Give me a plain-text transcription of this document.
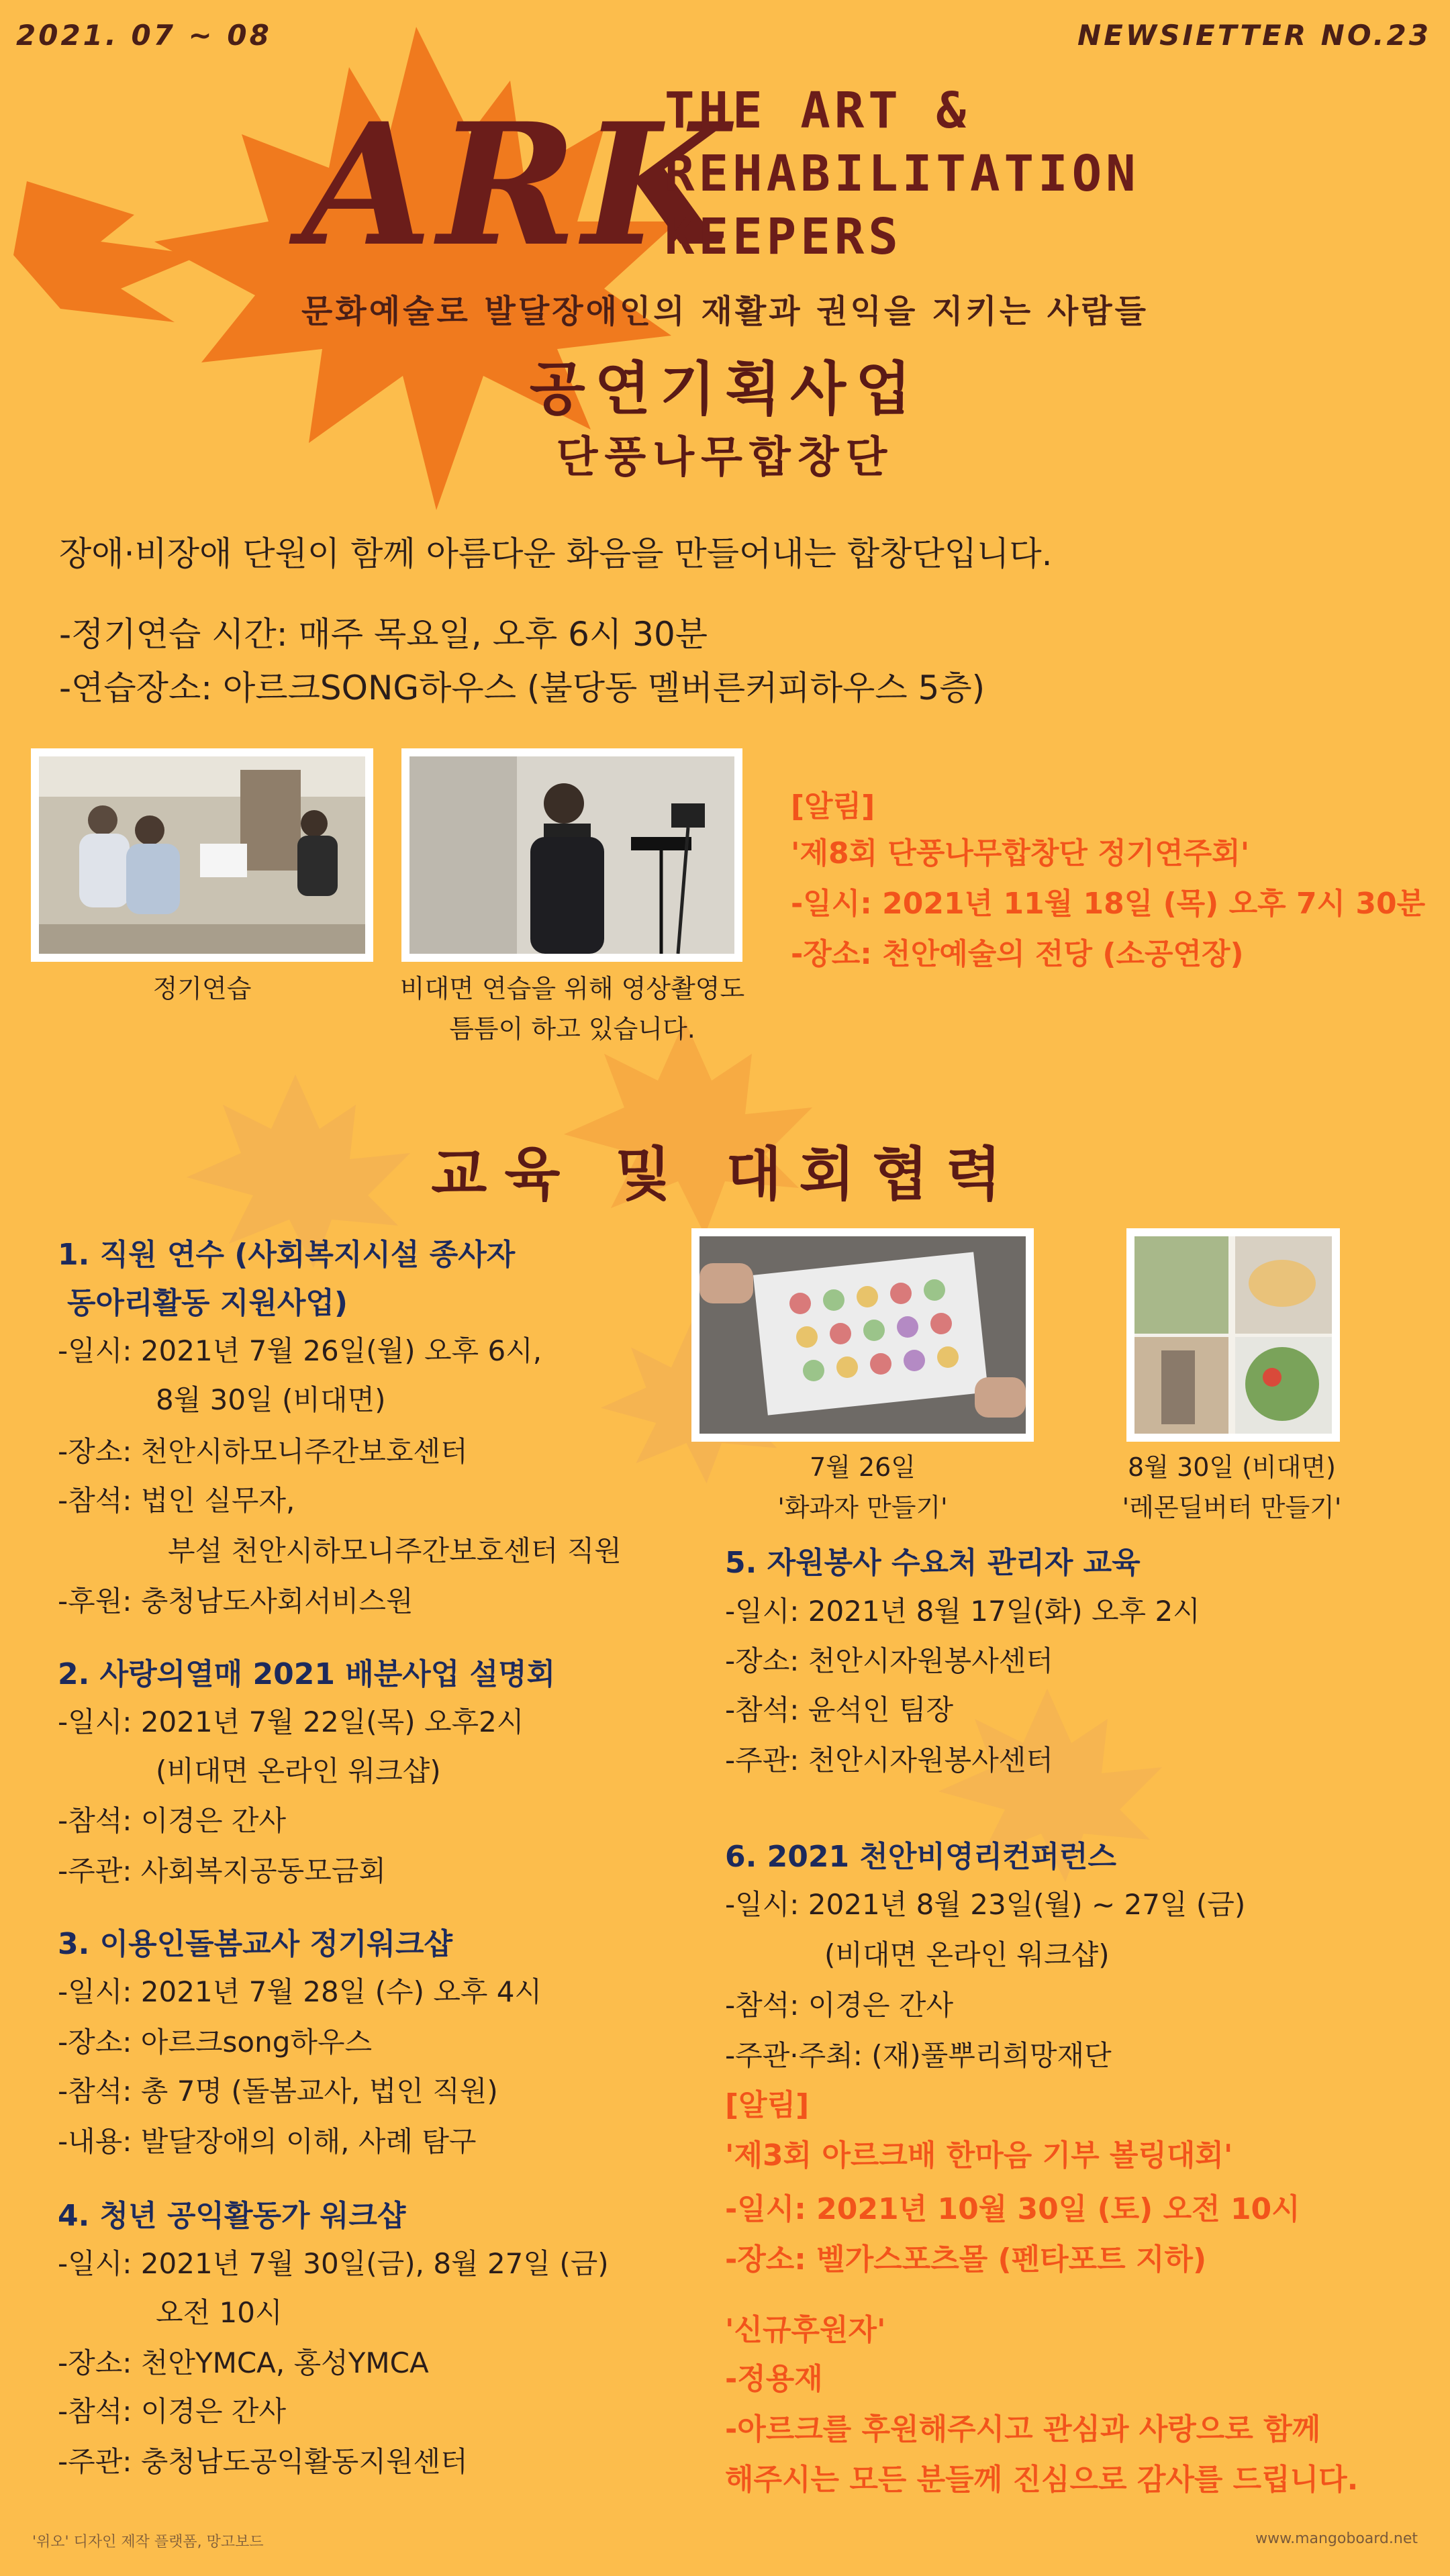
2021. 07 ~ 08	NEWSIETTER NO.23
ARK
THE ART &
REHABILITATION
KEEPERS
문화예술로 발달장애인의 재활과 권익을 지키는 사람들
공연기획사업
단풍나무합창단
장애·비장애 단원이 함께 아름다운 화음을 만들어내는 합창단입니다.
-정기연습 시간: 매주 목요일, 오후 6시 30분
-연습장소: 아르크SONG하우스 (불당동 멜버른커피하우스 5층)
정기연습	비대면 연습을 위해 영상촬영도
틈틈이 하고 있습니다.
[알림]
'제8회 단풍나무합창단 정기연주회'
-일시: 2021년 11월 18일 (목) 오후 7시 30분
-장소: 천안예술의 전당 (소공연장)
교육 및 대회협력
1. 직원 연수 (사회복지시설 종사자
동아리활동 지원사업)
-일시: 2021년 7월 26일(월) 오후 6시,
8월 30일 (비대면)
-장소: 천안시하모니주간보호센터
-참석: 법인 실무자,
부설 천안시하모니주간보호센터 직원
-후원: 충청남도사회서비스원
2. 사랑의열매 2021 배분사업 설명회
-일시: 2021년 7월 22일(목) 오후2시
(비대면 온라인 워크샵)
-참석: 이경은 간사
-주관: 사회복지공동모금회
3. 이용인돌봄교사 정기워크샵
-일시: 2021년 7월 28일 (수) 오후 4시
-장소: 아르크song하우스
-참석: 총 7명 (돌봄교사, 법인 직원)
-내용: 발달장애의 이해, 사례 탐구
4. 청년 공익활동가 워크샵
-일시: 2021년 7월 30일(금), 8월 27일 (금)
오전 10시
-장소: 천안YMCA, 홍성YMCA
-참석: 이경은 간사
-주관: 충청남도공익활동지원센터
7월 26일
'화과자 만들기'
8월 30일 (비대면)
'레몬딜버터 만들기'
5. 자원봉사 수요처 관리자 교육
-일시: 2021년 8월 17일(화) 오후 2시
-장소: 천안시자원봉사센터
-참석: 윤석인 팀장
-주관: 천안시자원봉사센터
6. 2021 천안비영리컨퍼런스
-일시: 2021년 8월 23일(월) ~ 27일 (금)
(비대면 온라인 워크샵)
-참석: 이경은 간사
-주관·주최: (재)풀뿌리희망재단
[알림]
'제3회 아르크배 한마음 기부 볼링대회'
-일시: 2021년 10월 30일 (토) 오전 10시
-장소: 벨가스포츠몰 (펜타포트 지하)
'신규후원자'
-정용재
-아르크를 후원해주시고 관심과 사랑으로 함께
해주시는 모든 분들께 진심으로 감사를 드립니다.
'위오' 디자인 제작 플랫폼, 망고보드	www.mangoboard.net
